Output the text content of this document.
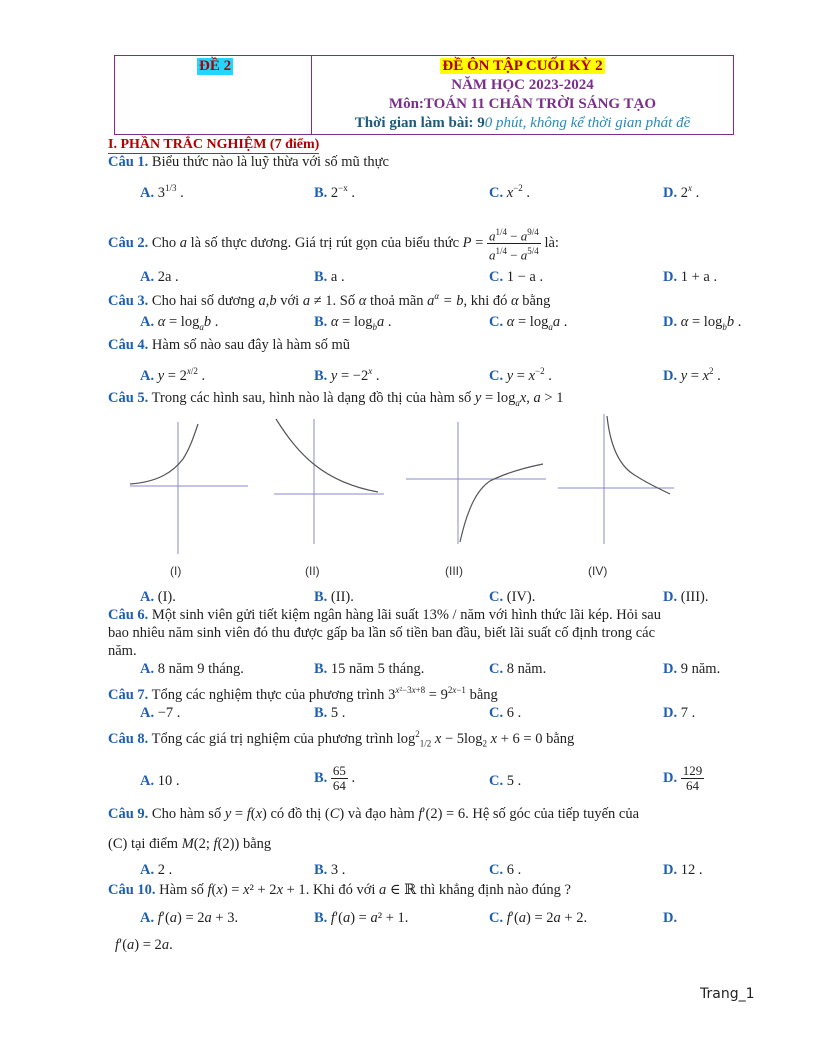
ĐỀ 2	ĐỀ ÔN TẬP CUỐI KỲ 2
NĂM HỌC 2023-2024
Môn:TOÁN 11 CHÂN TRỜI SÁNG TẠO
Thời gian làm bài: 90 phút, không kể thời gian phát đề
I. PHẦN TRẮC NGHIỆM (7 điểm)
Câu 1. Biểu thức nào là luỹ thừa với số mũ thực
A. $3^{1/3}$ .	B. $2^{-x}$ .	C. $x^{-2}$ .	D. 2$^x$ .
Câu 2. Cho a là số thực dương. Giá trị rút gọn của biểu thức $P = \frac{a^{1/4} - a^{9/4}}{a^{1/4} - a^{5/4}}$ là:
A. 2a .	B. a .	C. 1 − a .	D. 1 + a .
Câu 3. Cho hai số dương a,b với a ≠ 1. Số α thoả mãn $a^\alpha = b$, khi đó α bằng
A. $\alpha = \log_ab$ .	B. $\alpha = \log_ba$ .	C. $\alpha = \log_aa$ .	D. $\alpha = \log_bb$ .
Câu 4. Hàm số nào sau đây là hàm số mũ
A. $y = 2^{x/2}$ .	B. $y = -2^x$ .	C. $y = x^{-2}$ .	D. $y = x^2$ .
Câu 5. Trong các hình sau, hình nào là dạng đồ thị của hàm số $y = \log_ax$, a > 1
(I)	(II)	(III)	(IV)
A. (I).	B. (II).	C. (IV).	D. (III).
Câu 6. Một sinh viên gửi tiết kiệm ngân hàng lãi suất 13% / năm với hình thức lãi kép. Hỏi sau
bao nhiêu năm sinh viên đó thu được gấp ba lần số tiền ban đầu, biết lãi suất cố định trong các
năm.
A. 8 năm 9 tháng.	B. 15 năm 5 tháng.	C. 8 năm.	D. 9 năm.
Câu 7. Tổng các nghiệm thực của phương trình $3^{x^2-3x+8} = 9^{2x-1}$ bằng
A. −7 .	B. 5 .	C. 6 .	D. 7 .
Câu 8. Tổng các giá trị nghiệm của phương trình $\log^2_{1/2} x - 5\log_2$ x + 6 = 0 bằng
A. 10 .	B. $\frac{65}{64}$ .	C. 5 .	D. $\frac{129}{64}$
Câu 9. Cho hàm số y = f(x) có đồ thị (C) và đạo hàm f′(2) = 6. Hệ số góc của tiếp tuyến của
(C) tại điểm M(2; f(2)) bằng
A. 2 .	B. 3 .	C. 6 .	D. 12 .
Câu 10. Hàm số f(x) = x² + 2x + 1. Khi đó với a ∈ ℝ thì khẳng định nào đúng ?
A. f′(a) = 2a + 3.	B. f′(a) = a² + 1.	C. f′(a) = 2a + 2.	D.
f′(a) = 2a.
Trang_1
